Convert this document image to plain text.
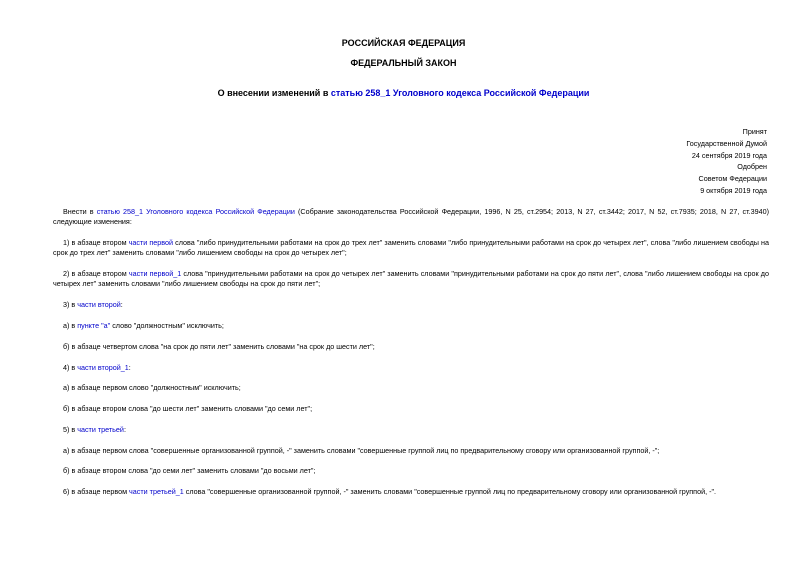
РОССИЙСКАЯ ФЕДЕРАЦИЯ
ФЕДЕРАЛЬНЫЙ ЗАКОН
О внесении изменений в статью 258_1 Уголовного кодекса Российской Федерации
Принят
Государственной Думой
24 сентября 2019 года
Одобрен
Советом Федерации
9 октября 2019 года
Внести в статью 258_1 Уголовного кодекса Российской Федерации (Собрание законодательства Российской Федерации, 1996, N 25, ст.2954; 2013, N 27, ст.3442; 2017, N 52, ст.7935; 2018, N 27, ст.3940) следующие изменения:
1) в абзаце втором части первой слова "либо принудительными работами на срок до трех лет" заменить словами "либо принудительными работами на срок до четырех лет", слова "либо лишением свободы на срок до трех лет" заменить словами "либо лишением свободы на срок до четырех лет";
2) в абзаце втором части первой_1 слова "принудительными работами на срок до четырех лет" заменить словами "принудительными работами на срок до пяти лет", слова "либо лишением свободы на срок до четырех лет" заменить словами "либо лишением свободы на срок до пяти лет";
3) в части второй:
а) в пункте "а" слово "должностным" исключить;
б) в абзаце четвертом слова "на срок до пяти лет" заменить словами "на срок до шести лет";
4) в части второй_1:
а) в абзаце первом слово "должностным" исключить;
б) в абзаце втором слова "до шести лет" заменить словами "до семи лет";
5) в части третьей:
а) в абзаце первом слова "совершенные организованной группой, -" заменить словами "совершенные группой лиц по предварительному сговору или организованной группой, -";
б) в абзаце втором слова "до семи лет" заменить словами "до восьми лет";
6) в абзаце первом части третьей_1 слова "совершенные организованной группой, -" заменить словами "совершенные группой лиц по предварительному сговору или организованной группой, -".
